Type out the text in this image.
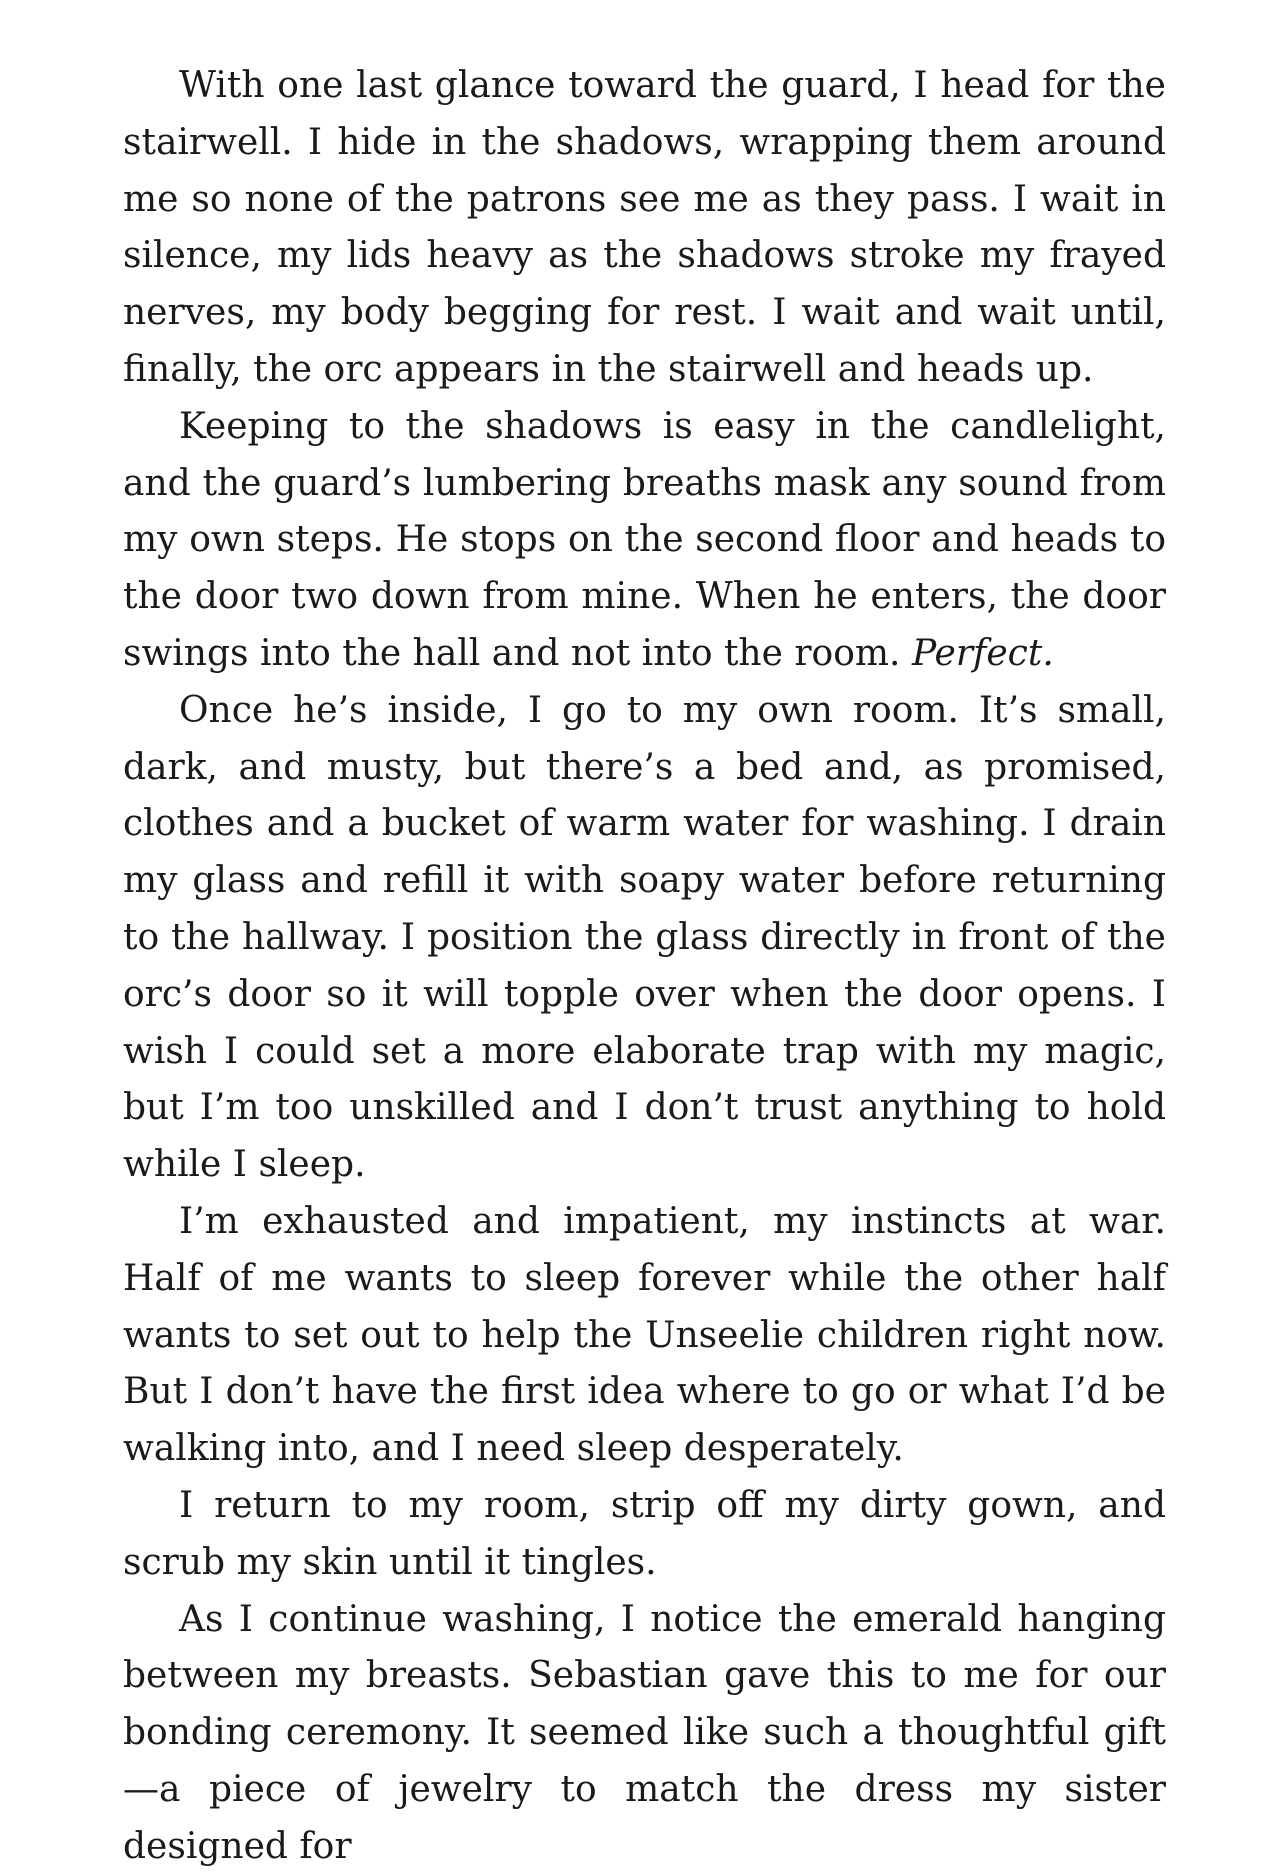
With one last glance toward the guard, I head for the stairwell. I hide in the shadows, wrapping them around me so none of the patrons see me as they pass. I wait in silence, my lids heavy as the shadows stroke my frayed nerves, my body begging for rest. I wait and wait until, finally, the orc appears in the stairwell and heads up.

Keeping to the shadows is easy in the candlelight, and the guard’s lumbering breaths mask any sound from my own steps. He stops on the second floor and heads to the door two down from mine. When he enters, the door swings into the hall and not into the room. Perfect.

Once he’s inside, I go to my own room. It’s small, dark, and musty, but there’s a bed and, as promised, clothes and a bucket of warm water for washing. I drain my glass and refill it with soapy water before returning to the hallway. I position the glass directly in front of the orc’s door so it will topple over when the door opens. I wish I could set a more elaborate trap with my magic, but I’m too unskilled and I don’t trust anything to hold while I sleep.

I’m exhausted and impatient, my instincts at war. Half of me wants to sleep forever while the other half wants to set out to help the Unseelie children right now. But I don’t have the first idea where to go or what I’d be walking into, and I need sleep desperately.

I return to my room, strip off my dirty gown, and scrub my skin until it tingles.

As I continue washing, I notice the emerald hanging between my breasts. Sebastian gave this to me for our bonding ceremony. It seemed like such a thoughtful gift—a piece of jewelry to match the dress my sister designed for
